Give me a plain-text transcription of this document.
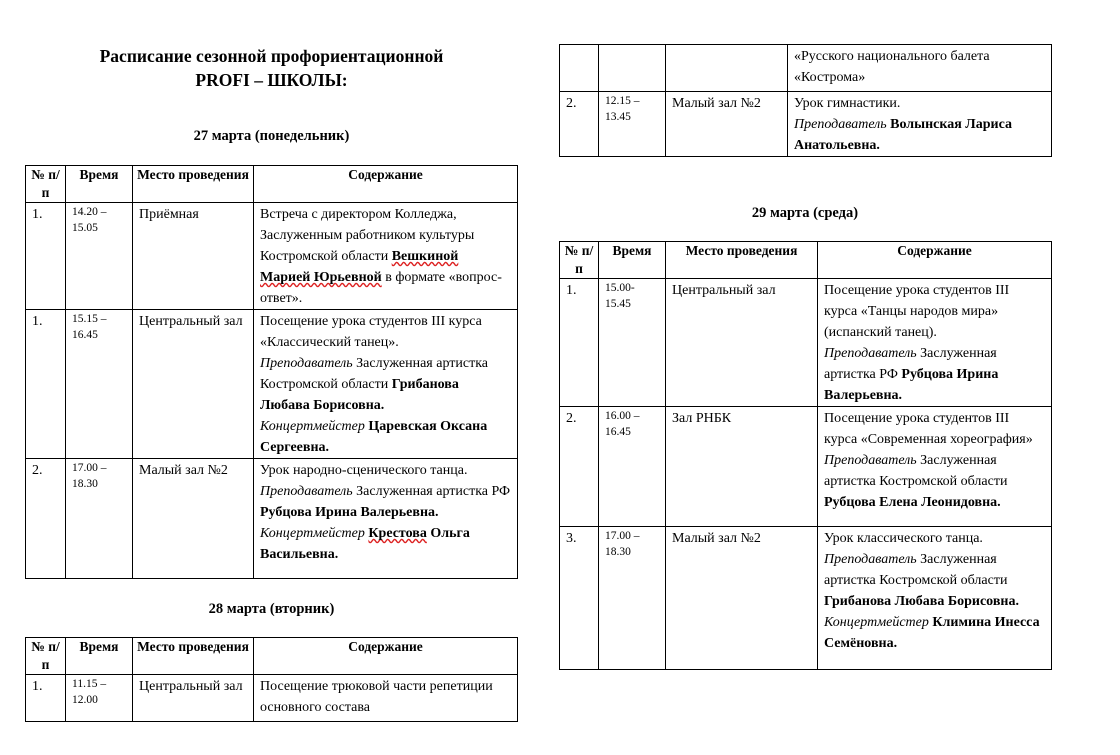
Расписание сезонной профориентационной
PROFI – ШКОЛЫ:
27 марта (понедельник)
№ п/п	Время	Место проведения	Содержание
1.	14.20 – 15.05	Приёмная	Встреча с директором Колледжа, Заслуженным работником культуры Костромской области Вешкиной Марией Юрьевной в формате «вопрос-ответ».
1.	15.15 – 16.45	Центральный зал	Посещение урока студентов III курса «Классический танец».
Преподаватель Заслуженная артистка Костромской области Грибанова Любава Борисовна.
Концертмейстер Царевская Оксана Сергеевна.

2.	17.00 – 18.30	Малый зал №2	Урок народно-сценического танца.
Преподаватель Заслуженная артистка РФ Рубцова Ирина Валерьевна.
Концертмейстер Крестова Ольга Васильевна.
28 марта (вторник)
№ п/п	Время	Место проведения	Содержание
1.	11.15 – 12.00	Центральный зал	Посещение трюковой части репетиции основного состава
			«Русского национального балета «Кострома»
2.	12.15 – 13.45	Малый зал №2	Урок гимнастики.
Преподаватель Волынская Лариса Анатольевна.
29 марта (среда)
№ п/п	Время	Место проведения	Содержание
1.	15.00- 15.45	Центральный зал	Посещение урока студентов III курса «Танцы народов мира» (испанский танец).
Преподаватель Заслуженная артистка РФ Рубцова Ирина Валерьевна.

2.	16.00 – 16.45	Зал РНБК	Посещение урока студентов III курса «Современная хореография»
Преподаватель Заслуженная артистка Костромской области Рубцова Елена Леонидовна.

3.	17.00 – 18.30	Малый зал №2	Урок классического танца.
Преподаватель Заслуженная артистка Костромской области Грибанова Любава Борисовна.
Концертмейстер Климина Инесса Семёновна.
